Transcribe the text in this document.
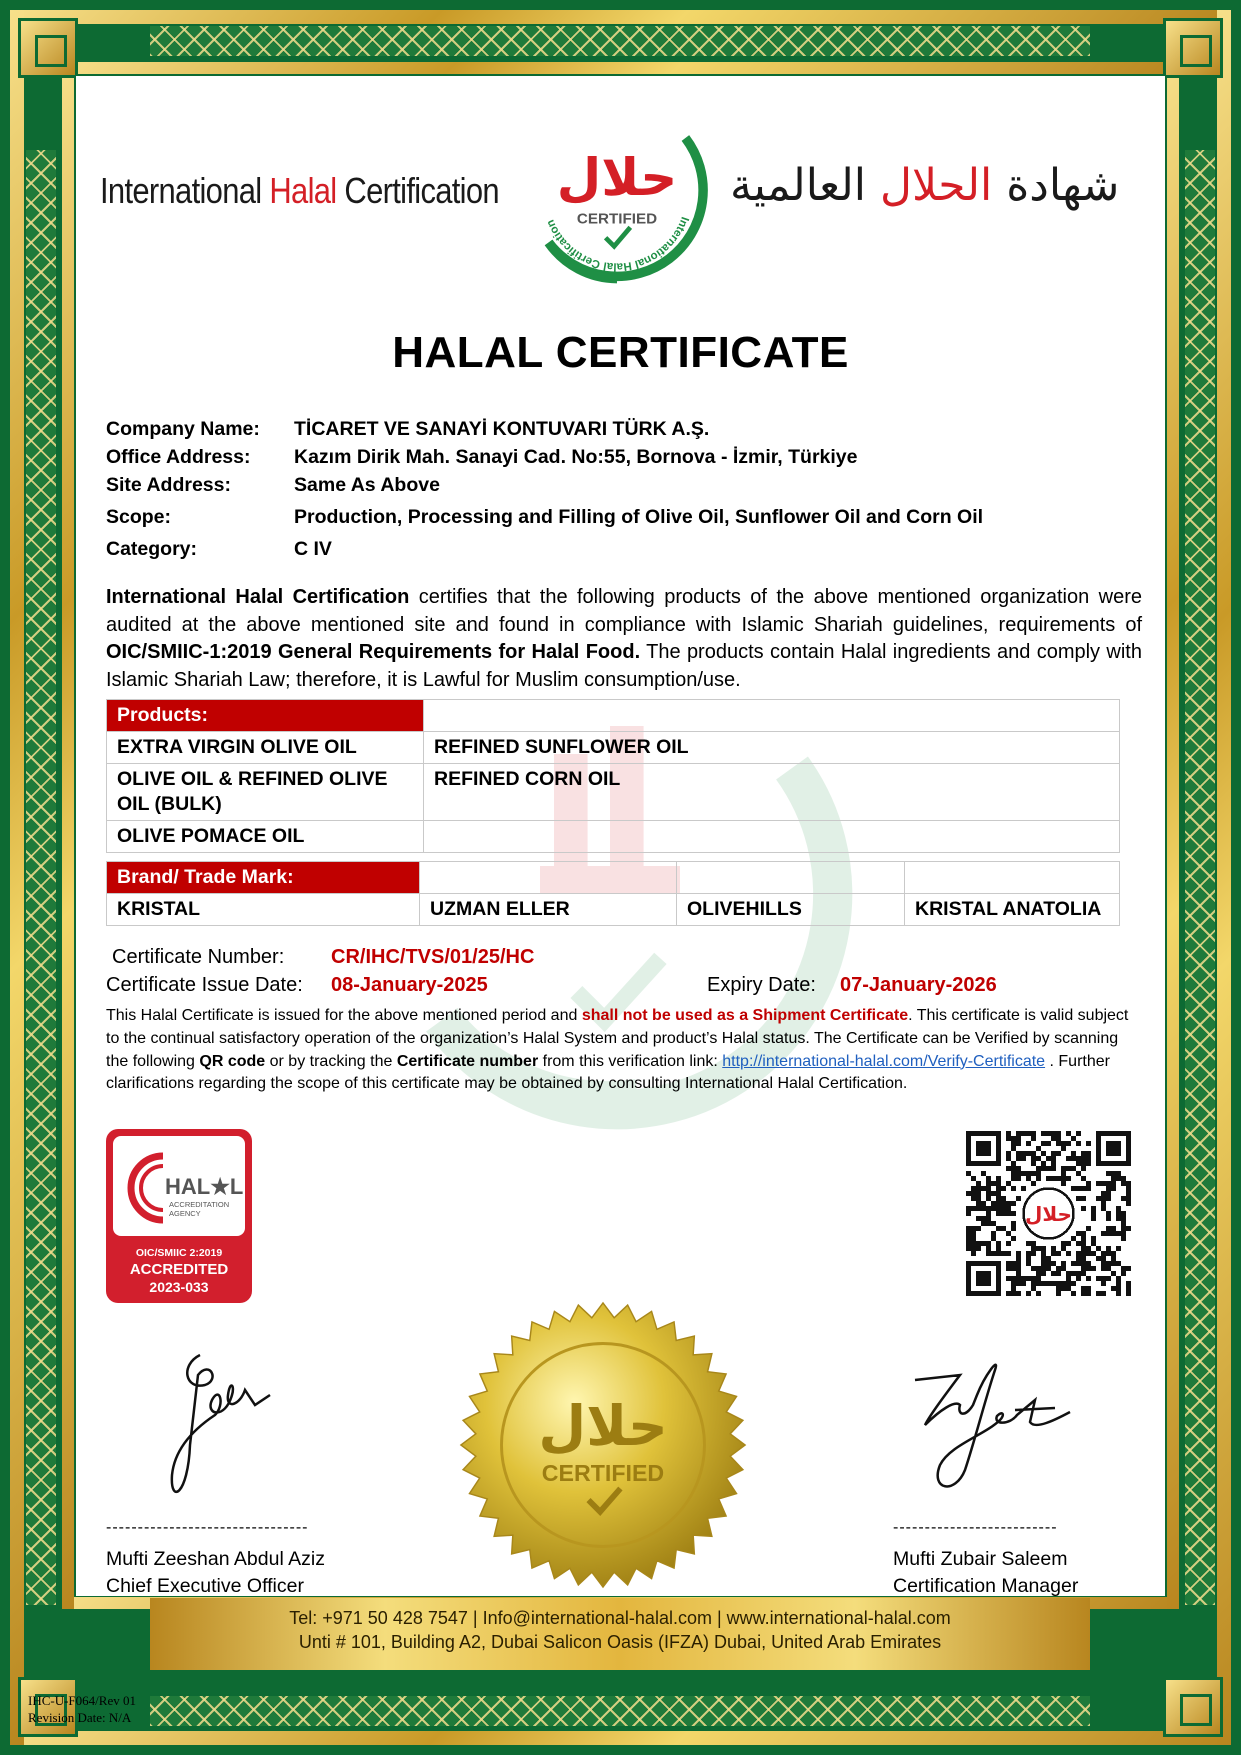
International Halal Certification
International Halal Certification
حلال
CERTIFIED
شهادة الحلال العالمية
HALAL CERTIFICATE
Company Name: TİCARET VE SANAYİ KONTUVARI TÜRK A.Ş.
Office Address: Kazım Dirik Mah. Sanayi Cad. No:55, Bornova - İzmir, Türkiye
Site Address:	Same As Above
Scope:	Production, Processing and Filling of Olive Oil, Sunflower Oil and Corn Oil
Category:	C IV
International Halal Certification certifies that the following products of the above mentioned organization were audited at the above mentioned site and found in compliance with Islamic Shariah guidelines, requirements of OIC/SMIIC-1:2019 General Requirements for Halal Food. The products contain Halal ingredients and comply with Islamic Shariah Law; therefore, it is Lawful for Muslim consumption/use.
Products:	
EXTRA VIRGIN OLIVE OIL	REFINED SUNFLOWER OIL
OLIVE OIL & REFINED OLIVE OIL (BULK)	REFINED CORN OIL
OLIVE POMACE OIL	
Brand/ Trade Mark:			
KRISTAL	UZMAN ELLER	OLIVEHILLS	KRISTAL ANATOLIA
Certificate Number: CR/IHC/TVS/01/25/HC
Certificate Issue Date: 08-January-2025	Expiry Date: 07-January-2026
This Halal Certificate is issued for the above mentioned period and shall not be used as a Shipment Certificate. This certificate is valid subject to the continual satisfactory operation of the organization’s Halal System and product’s Halal status. The Certificate can be Verified by scanning the following QR code or by tracking the Certificate number from this verification link: http://international-halal.com/Verify-Certificate . Further clarifications regarding the scope of this certificate may be obtained by consulting International Halal Certification.
HAL★L
ACCREDITATION
AGENCY
OIC/SMIIC 2:2019
ACCREDITED
2023-033
حلال
حلال
CERTIFIED
--------------------------------
Mufti Zeeshan Abdul Aziz
Chief Executive Officer
--------------------------
Mufti Zubair Saleem
Certification Manager
Tel: +971 50 428 7547 | Info@international-halal.com | www.international-halal.com
Unti # 101, Building A2, Dubai Salicon Oasis (IFZA) Dubai, United Arab Emirates
IHC-U-F064/Rev 01
Revision Date: N/A
